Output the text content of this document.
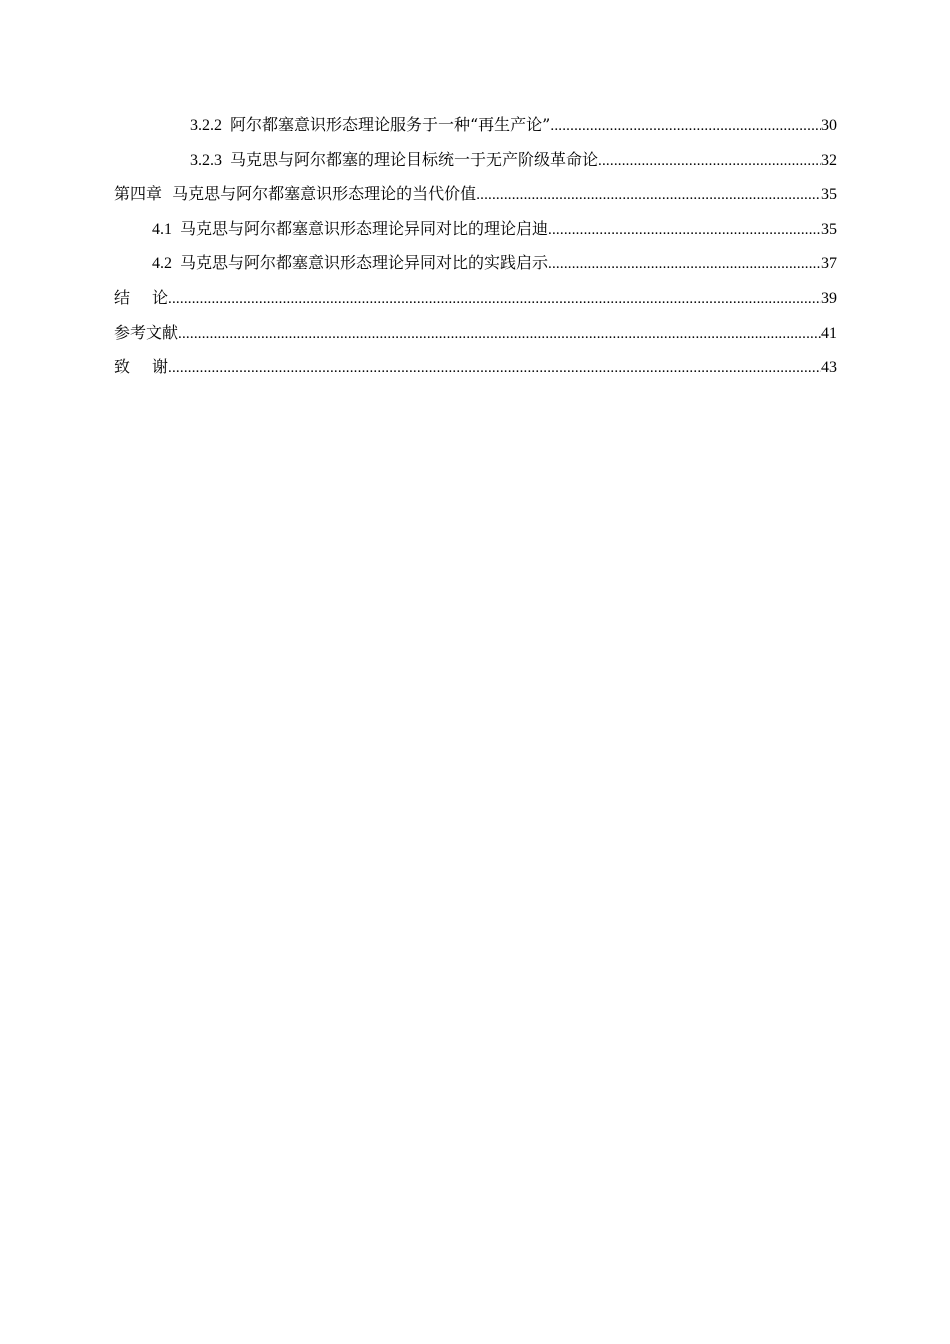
3.2.2 阿尔都塞意识形态理论服务于一种“再生产论” .....	30
3.2.3 马克思与阿尔都塞的理论目标统一于无产阶级革命论 .....	32
第四章  马克思与阿尔都塞意识形态理论的当代价值 .....	35
4.1 马克思与阿尔都塞意识形态理论异同对比的理论启迪 .....	35
4.2 马克思与阿尔都塞意识形态理论异同对比的实践启示 .....	37
结论 .....	39
参考文献 .....	41
致谢 .....	43
